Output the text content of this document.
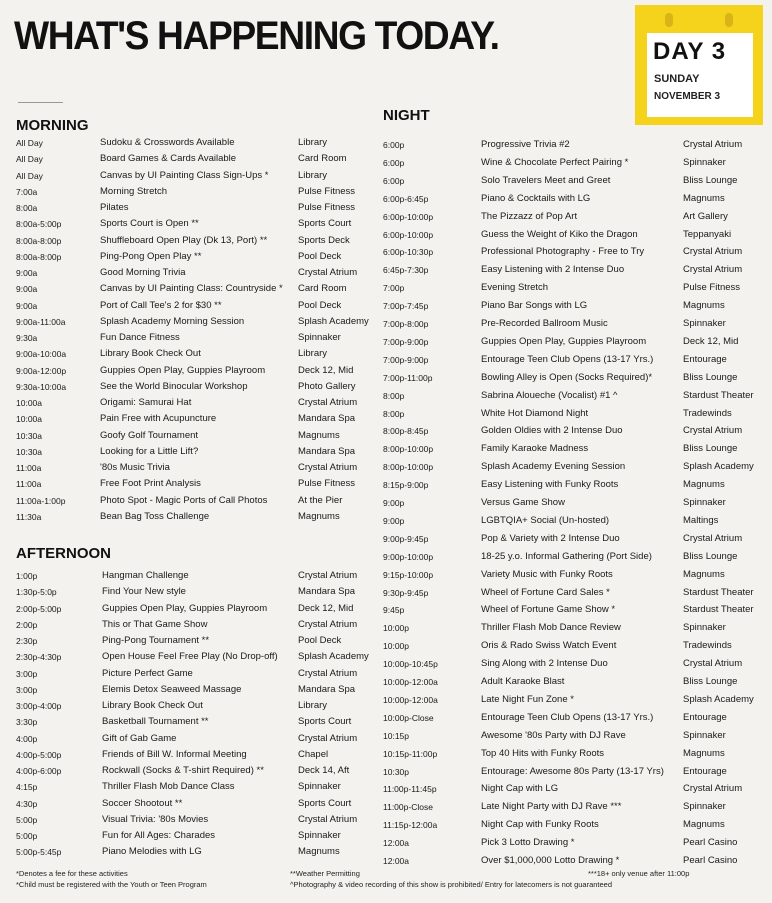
WHAT'S HAPPENING TODAY.	DAY 3
SUNDAY
NOVEMBER 3
MORNING
All Day	Sudoku & Crosswords Available	Library
All Day	Board Games & Cards Available	Card Room
All Day	Canvas by UI Painting Class Sign-Ups *	Library
7:00a	Morning Stretch	Pulse Fitness
8:00a	Pilates	Pulse Fitness
8:00a-5:00p	Sports Court is Open **	Sports Court
8:00a-8:00p	Shuffleboard Open Play (Dk 13, Port) **	Sports Deck
8:00a-8:00p	Ping-Pong Open Play **	Pool Deck
9:00a	Good Morning Trivia	Crystal Atrium
9:00a	Canvas by UI Painting Class: Countryside *	Card Room
9:00a	Port of Call Tee's 2 for $30 **	Pool Deck
9:00a-11:00a	Splash Academy Morning Session	Splash Academy
9:30a	Fun Dance Fitness	Spinnaker
9:00a-10:00a	Library Book Check Out	Library
9:00a-12:00p	Guppies Open Play, Guppies Playroom	Deck 12, Mid
9:30a-10:00a	See the World Binocular Workshop	Photo Gallery
10:00a	Origami: Samurai Hat	Crystal Atrium
10:00a	Pain Free with Acupuncture	Mandara Spa
10:30a	Goofy Golf Tournament	Magnums
10:30a	Looking for a Little Lift?	Mandara Spa
11:00a	'80s Music Trivia	Crystal Atrium
11:00a	Free Foot Print Analysis	Pulse Fitness
11:00a-1:00p	Photo Spot - Magic Ports of Call Photos	At the Pier
11:30a	Bean Bag Toss Challenge	Magnums
AFTERNOON
1:00p	Hangman Challenge	Crystal Atrium
1:30p-5:0p	Find Your New style	Mandara Spa
2:00p-5:00p	Guppies Open Play, Guppies Playroom	Deck 12, Mid
2:00p	This or That Game Show	Crystal Atrium
2:30p	Ping-Pong Tournament **	Pool Deck
2:30p-4:30p	Open House Feel Free Play (No Drop-off)	Splash Academy
3:00p	Picture Perfect Game	Crystal Atrium
3:00p	Elemis Detox Seaweed Massage	Mandara Spa
3:00p-4:00p	Library Book Check Out	Library
3:30p	Basketball Tournament **	Sports Court
4:00p	Gift of Gab Game	Crystal Atrium
4:00p-5:00p	Friends of Bill W. Informal Meeting	Chapel
4:00p-6:00p	Rockwall (Socks & T-shirt Required) **	Deck 14, Aft
4:15p	Thriller Flash Mob Dance Class	Spinnaker
4:30p	Soccer Shootout **	Sports Court
5:00p	Visual Trivia: '80s Movies	Crystal Atrium
5:00p	Fun for All Ages: Charades	Spinnaker
5:00p-5:45p	Piano Melodies with LG	Magnums
NIGHT
6:00p	Progressive Trivia #2	Crystal Atrium
6:00p	Wine & Chocolate Perfect Pairing *	Spinnaker
6:00p	Solo Travelers Meet and Greet	Bliss Lounge
6:00p-6:45p	Piano & Cocktails with LG	Magnums
6:00p-10:00p	The Pizzazz of Pop Art	Art Gallery
6:00p-10:00p	Guess the Weight of Kiko the Dragon	Teppanyaki
6:00p-10:30p	Professional Photography - Free to Try	Crystal Atrium
6:45p-7:30p	Easy Listening with 2 Intense Duo	Crystal Atrium
7:00p	Evening Stretch	Pulse Fitness
7:00p-7:45p	Piano Bar Songs with LG	Magnums
7:00p-8:00p	Pre-Recorded Ballroom Music	Spinnaker
7:00p-9:00p	Guppies Open Play, Guppies Playroom	Deck 12, Mid
7:00p-9:00p	Entourage Teen Club Opens (13-17 Yrs.)	Entourage
7:00p-11:00p	Bowling Alley is Open (Socks Required)*	Bliss Lounge
8:00p	Sabrina Aloueche (Vocalist) #1 ^	Stardust Theater
8:00p	White Hot Diamond Night	Tradewinds
8:00p-8:45p	Golden Oldies with 2 Intense Duo	Crystal Atrium
8:00p-10:00p	Family Karaoke Madness	Bliss Lounge
8:00p-10:00p	Splash Academy Evening Session	Splash Academy
8:15p-9:00p	Easy Listening with Funky Roots	Magnums
9:00p	Versus Game Show	Spinnaker
9:00p	LGBTQIA+ Social (Un-hosted)	Maltings
9:00p-9:45p	Pop & Variety with 2 Intense Duo	Crystal Atrium
9:00p-10:00p	18-25 y.o. Informal Gathering (Port Side)	Bliss Lounge
9:15p-10:00p	Variety Music with Funky Roots	Magnums
9:30p-9:45p	Wheel of Fortune Card Sales *	Stardust Theater
9:45p	Wheel of Fortune Game Show *	Stardust Theater
10:00p	Thriller Flash Mob Dance Review	Spinnaker
10:00p	Oris & Rado Swiss Watch Event	Tradewinds
10:00p-10:45p	Sing Along with 2 Intense Duo	Crystal Atrium
10:00p-12:00a	Adult Karaoke Blast	Bliss Lounge
10:00p-12:00a	Late Night Fun Zone *	Splash Academy
10:00p-Close	Entourage Teen Club Opens (13-17 Yrs.)	Entourage
10:15p	Awesome '80s Party with DJ Rave	Spinnaker
10:15p-11:00p	Top 40 Hits with Funky Roots	Magnums
10:30p	Entourage: Awesome 80s Party (13-17 Yrs)	Entourage
11:00p-11:45p	Night Cap with LG	Crystal Atrium
11:00p-Close	Late Night Party with DJ Rave ***	Spinnaker
11:15p-12:00a	Night Cap with Funky Roots	Magnums
12:00a	Pick 3 Lotto Drawing *	Pearl Casino
12:00a	Over $1,000,000 Lotto Drawing *	Pearl Casino
*Denotes a fee for these activities
*Child must be registered with the Youth or Teen Program
**Weather Permitting
^Photography & video recording of this show is prohibited/ Entry for latecomers is not guaranteed
***18+ only venue after 11:00p
